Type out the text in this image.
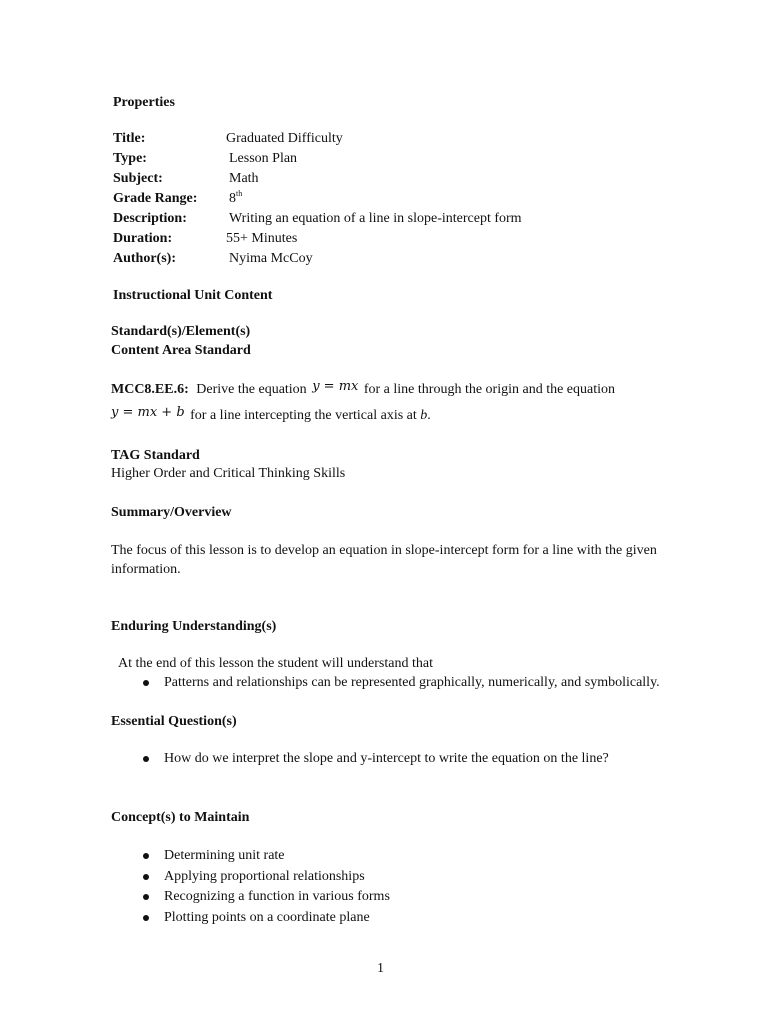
Properties
Title:	Graduated Difficulty
Type:	Lesson Plan
Subject:	Math
Grade Range: 8th
Description:	Writing an equation of a line in slope-intercept form
Duration:	55+ Minutes
Author(s):	Nyima McCoy
Instructional Unit Content
Standard(s)/Element(s)
Content Area Standard
MCC8.EE.6: Derive the equation y = mx for a line through the origin and the equation
y = mx + b for a line intercepting the vertical axis at b.
TAG Standard
Higher Order and Critical Thinking Skills
Summary/Overview
The focus of this lesson is to develop an equation in slope-intercept form for a line with the given information.
Enduring Understanding(s)
At the end of this lesson the student will understand that
Patterns and relationships can be represented graphically, numerically, and symbolically.
Essential Question(s)
How do we interpret the slope and y-intercept to write the equation on the line?
Concept(s) to Maintain
Determining unit rate
Applying proportional relationships
Recognizing a function in various forms
Plotting points on a coordinate plane
1
